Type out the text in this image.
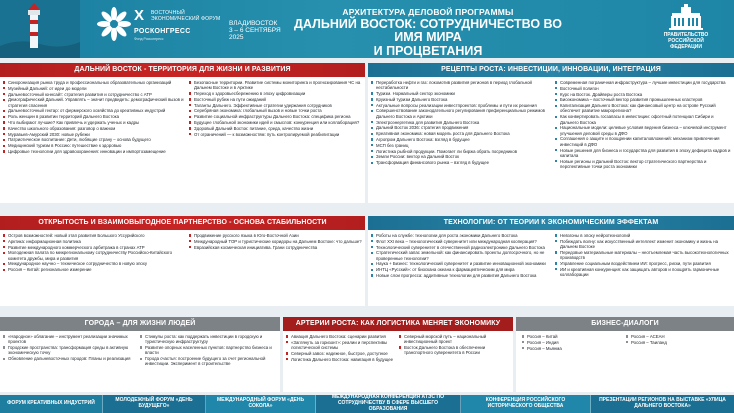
Х ВОСТОЧНЫЙ ЭКОНОМИЧЕСКИЙ ФОРУМ
РОСКОНГРЕСС
Фонд Росконгресс
ВЛАДИВОСТОК
3 – 6 СЕНТЯБРЯ
2025
АРХИТЕКТУРА ДЕЛОВОЙ ПРОГРАММЫ
ДАЛЬНИЙ ВОСТОК: СОТРУДНИЧЕСТВО ВО ИМЯ МИРА
И ПРОЦВЕТАНИЯ
ПРАВИТЕЛЬСТВО
РОССИЙСКОЙ
ФЕДЕРАЦИИ
ДАЛЬНИЙ ВОСТОК - ТЕРРИТОРИЯ ДЛЯ ЖИЗНИ И РАЗВИТИЯ
Синхронизация рынка труда и профессиональных образовательных организаций
Музейный Дальний: от идеи до модели
Дальневосточный юннсайт: стратегия развития и сотрудничество с АТР
Демографический Дальний. Управлять – значит предвидеть: демографический вызов и стратегия спасения
Дальневосточный гектар: от фермерского хозяйства до креативных индустрий
Роль женщин в развитии территорий Дальнего Востока
Что выбирают лучшие? Как привлечь и удержать ученых и кадры
Качество школьного образования: разговор о важном
Муравьев-Амурский 2030: новые рубежи
Патриотическое воспитание: Дети, любящие страну – основа будущего
Медицинский туризм в Россию: путешествие к здоровью
Цифровые технологии для здравоохранения: инновации и импортозамещение
Безопасные территории. Развитие системы мониторинга и прогнозирования ЧС на Дальнем Востоке и в Арктике
Переход к здоровьесбережению в эпоху цифровизации
Восточный рубеж на пути ожиданий
Таланты Дальнего. Эффективные стратегии удержания сотрудников
Серебряная экономика: глобальный вызов и новые точки роста
Развитие социальной инфраструктуры Дальнего Востока: специфика региона
Будущее глобальной экономики идей и смыслов: конкуренция или коллаборация?
Здоровый Дальний Восток: питание, среда, качество жизни
От ограничений — к возможностям: путь контролируемой реабилитации
РЕЦЕПТЫ РОСТА: ИНВЕСТИЦИИ, ИННОВАЦИИ, ИНТЕГРАЦИЯ
Переработка нефти и газ: локомотив развития регионов в период глобальной нестабильности
Туризм. Нормальный сектор экономики
Круизный туризм Дальнего Востока
Актуальные вопросы реализации инвестпроектов: проблемы и пути их решения
Совершенствование законодательного регулирования преференциальных режимов Дальнего Востока и Арктики
Электроэнергетика для развития Дальнего Востока
Дальний Восток 2036: стратегия продвижения
Креативная экономика: новая модель роста для Дальнего Востока
Агропром Дальнего Востока: взгляд в будущее
МСП без границ
Логистика рыбной продукции. Помогает ли биржа обрать посредников
Земли России: вектор на Дальний Восток
Трансформация финансового рынка – взгляд в будущее
Современная пограничная инфраструктура – лучшие инвестиции для государства
Восточный полигон
Курс на Восток. Драйверы роста Востока
Биоэкономика – восточный вектор развития промышленных кластеров
Капитализация Дальнего Востока: как финансовый центр на острове Русский обеспечит развитие макрорегиона?
Как конвертировать госзапасы в инвестиции: офсетный потенциал Сибири и Дальнего Востока
Национальные модели: целевые условия ведения бизнеса – ключевой инструмент улучшения деловой среды в ДФО
Соглашения о защите и поощрении капиталовложений: механизм привлечения инвестиций в ДФО
Новые решения для бизнеса и государства для развития в эпоху дефицита кадров и капитала
Новые регионы и Дальний Восток: вектор стратегического партнерства и перспективные точки роста экономики
ОТКРЫТОСТЬ И ВЗАИМОВЫГОДНОЕ ПАРТНЕРСТВО - ОСНОВА СТАБИЛЬНОСТИ
Остров возможностей: новый этап развития Большого Уссурийского
Арктика: информационная политика
Развитие международного коммерческого арбитража в странах АТР
Молодежная палата по межрегиональному сотрудничеству Российско-Китайского комитета дружбы, мира и развития
Международное научно – техническое сотрудничество в новую эпоху
Россия – Китай: региональное измерение
Продвижение русского языка в Юго-Восточной Азии
Международный ТОР и туристические коридоры на Дальнем Востоке: что дальше?
Евразийская космическая инициатива. Грани сотрудничества
ТЕХНОЛОГИИ: ОТ ТЕОРИИ К ЭКОНОМИЧЕСКИМ ЭФФЕКТАМ
Роботы на службе: технологии для роста экономики Дальнего Востока
Флот XXI века – технологический суверенитет или международная кооперация?
Технологический суверенитет в отечественной радиоэлектронике Дальнего Востока
Стратегический запас земельной: как финансировать проекты долгосрочного, но не проверенные технологии?
Наука + Бизнес: технологический суверенитет и развитие инновационной экономики
ИНТЦ «Русский»: от биоскана океана к фармацевтическим для мира
Новые слои прогресса: аддитивные технологии для развития Дальнего Востока
Невзгоны в эпоху нейротехнологий
Побеждать волну: как искусственный интеллект изменит экономику и жизнь на Дальнем Востоке
Передовые материальные материалы – неотъемлемая часть высокотехнологичных производств
Управление социальным воздействием ИИ: прогресс, риски, пути развития
ИИ и креативная конкуренция: как защищать авторов и поощрять гармоничные коллаборации
ГОРОДА – ДЛЯ ЖИЗНИ ЛЮДЕЙ
«Народное» облагание – инструмент реализации значимых проектов
Городские пространства: трансформация среды в активную экономическую точку
Обновление дальневосточных городов: Планы и реализация
Стимулы роста: как поддержать инвестиции в городскую и туристическую инфраструктуру
Развитие опорных населенных пунктов: партнерство бизнеса и власти
Города счастья: построение будущего за счет региональной инвестиции. Эксперимент в строительстве
АРТЕРИИ РОСТА: КАК ЛОГИСТИКА МЕНЯЕТ ЭКОНОМИКУ
Авиация Дальнего Востока: сценарии развития
«Заглянуть за горизонт»: реалии и перспективы логистической системы
Северный завоз: надежное, быстрое, доступное
Логистика Дальнего Востока: навигация в будущее
Северный морской путь – национальный инвестиционный проект
Восток Дальнего Востока в обеспечении транспортного суверенитета в России
БИЗНЕС-ДИАЛОГИ
Россия – Китай
Россия – Индия
Россия – Мьянма
Россия – АСЕАН
Россия – Таиланд
ФОРУМ КРЕАТИВНЫХ ИНДУСТРИЙ	МОЛОДЕЖНЫЙ ФОРУМ «ДЕНЬ БУДУЩЕГО»
МЕЖДУНАРОДНЫЙ ФОРУМ «ДЕНЬ СОКОЛА»
МЕЖДУНАРОДНАЯ КОНФЕРЕНЦИЯ АТЭС ПО СОТРУДНИЧЕСТВУ В СФЕРЕ ВЫСШЕГО ОБРАЗОВАНИЯ
КОНФЕРЕНЦИЯ РОССИЙСКОГО ИСТОРИЧЕСКОГО ОБЩЕСТВА
ПРЕЗЕНТАЦИИ РЕГИОНОВ НА ВЫСТАВКЕ «УЛИЦА ДАЛЬНЕГО ВОСТОКА»
